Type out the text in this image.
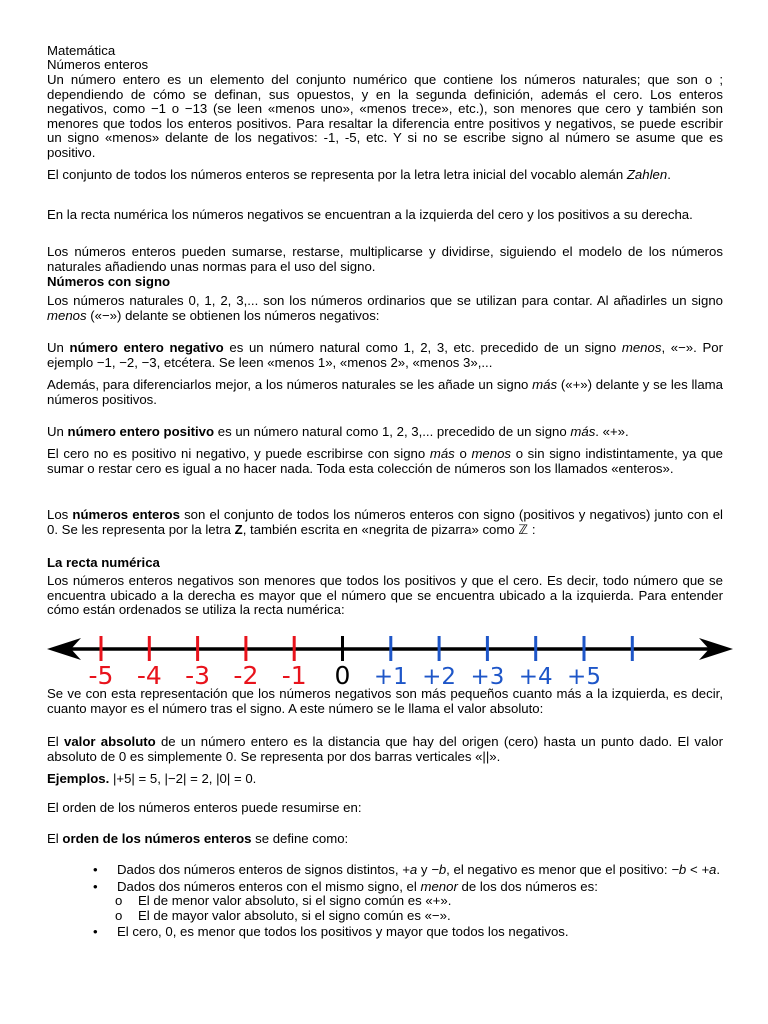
Matemática

Números enteros

Un número entero es un elemento del conjunto numérico que contiene los números naturales; que son o ; dependiendo de cómo se definan, sus opuestos, y en la segunda definición, además el cero. Los enteros negativos, como −1 o −13 (se leen «menos uno», «menos trece», etc.), son menores que cero y también son menores que todos los enteros positivos. Para resaltar la diferencia entre positivos y negativos, se puede escribir un signo «menos» delante de los negativos: -1, -5, etc. Y si no se escribe signo al número se asume que es positivo.

El conjunto de todos los números enteros se representa por la letra letra inicial del vocablo alemán Zahlen.

En la recta numérica los números negativos se encuentran a la izquierda del cero y los positivos a su derecha.

Los números enteros pueden sumarse, restarse, multiplicarse y dividirse, siguiendo el modelo de los números naturales añadiendo unas normas para el uso del signo.

Números con signo

Los números naturales 0, 1, 2, 3,... son los números ordinarios que se utilizan para contar. Al añadirles un signo menos («−») delante se obtienen los números negativos:

Un número entero negativo es un número natural como 1, 2, 3, etc. precedido de un signo menos, «−». Por ejemplo −1, −2, −3, etcétera. Se leen «menos 1», «menos 2», «menos 3»,...

Además, para diferenciarlos mejor, a los números naturales se les añade un signo más («+») delante y se les llama números positivos.

Un número entero positivo es un número natural como 1, 2, 3,... precedido de un signo más. «+».

El cero no es positivo ni negativo, y puede escribirse con signo más o menos o sin signo indistintamente, ya que sumar o restar cero es igual a no hacer nada. Toda esta colección de números son los llamados «enteros».

Los números enteros son el conjunto de todos los números enteros con signo (positivos y negativos) junto con el 0. Se les representa por la letra Z, también escrita en «negrita de pizarra» como ℤ :

La recta numérica

Los números enteros negativos son menores que todos los positivos y que el cero. Es decir, todo número que se encuentra ubicado a la derecha es mayor que el número que se encuentra ubicado a la izquierda. Para entender cómo están ordenados se utiliza la recta numérica:

-5 -4 -3 -2 -1 0 +1 +2 +3 +4 +5

Se ve con esta representación que los números negativos son más pequeños cuanto más a la izquierda, es decir, cuanto mayor es el número tras el signo. A este número se le llama el valor absoluto:

El valor absoluto de un número entero es la distancia que hay del origen (cero) hasta un punto dado. El valor absoluto de 0 es simplemente 0. Se representa por dos barras verticales «||».

Ejemplos. |+5| = 5, |−2| = 2, |0| = 0.

El orden de los números enteros puede resumirse en:

El orden de los números enteros se define como:

• Dados dos números enteros de signos distintos, +a y −b, el negativo es menor que el positivo: −b < +a.
• Dados dos números enteros con el mismo signo, el menor de los dos números es:
o El de menor valor absoluto, si el signo común es «+».
o El de mayor valor absoluto, si el signo común es «−».
• El cero, 0, es menor que todos los positivos y mayor que todos los negativos.
